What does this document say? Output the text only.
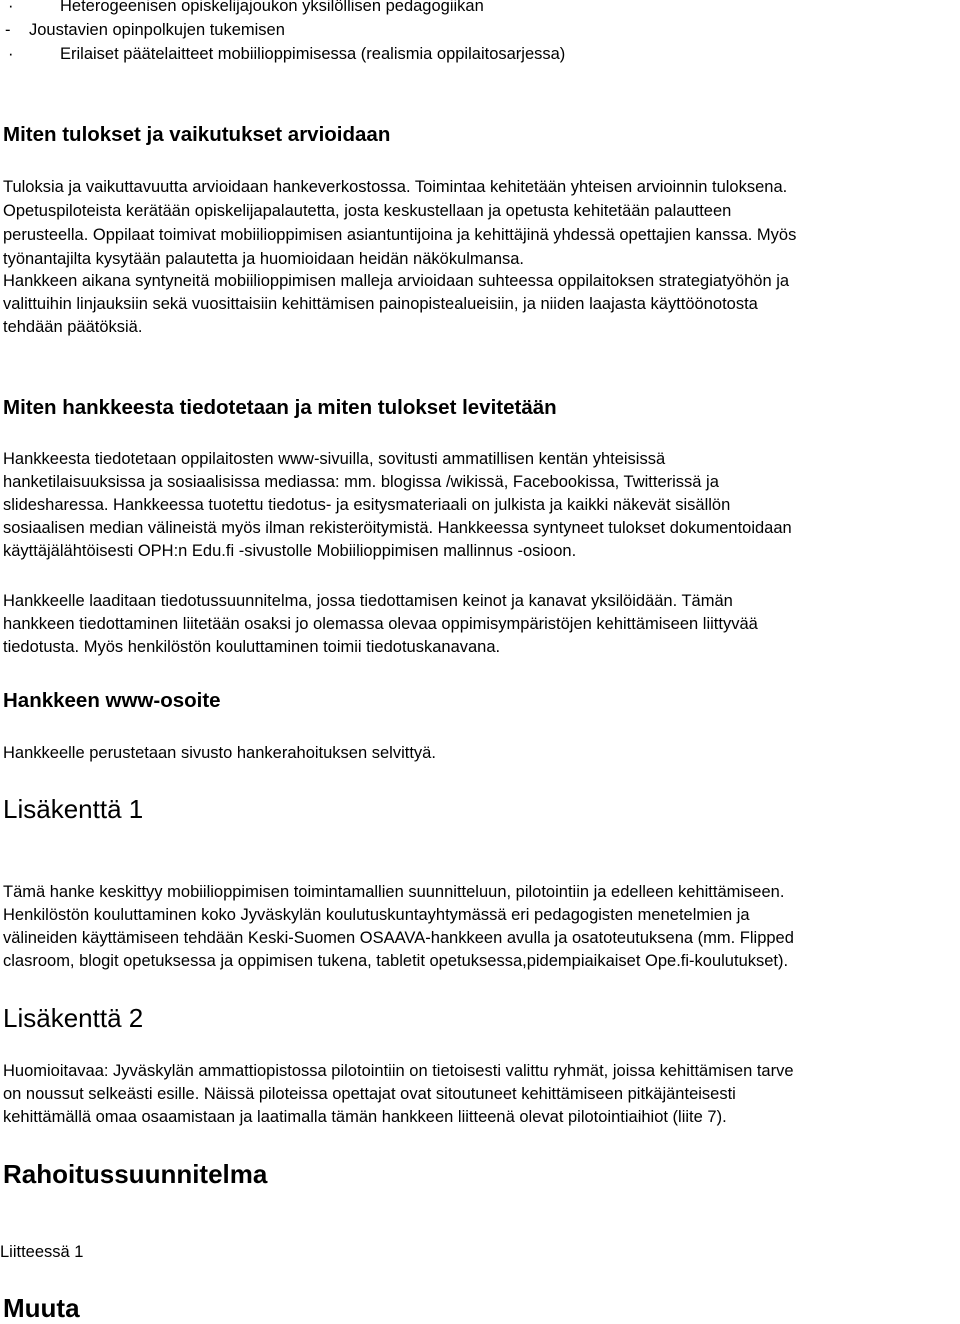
·	Heterogeenisen opiskelijajoukon yksilöllisen pedagogiikan
- Joustavien opinpolkujen tukemisen
·	Erilaiset päätelaitteet mobiilioppimisessa (realismia oppilaitosarjessa)
Miten tulokset ja vaikutukset arvioidaan
Tuloksia ja vaikuttavuutta arvioidaan hankeverkostossa. Toimintaa kehitetään yhteisen arvioinnin tuloksena.
Opetuspiloteista kerätään opiskelijapalautetta, josta keskustellaan ja opetusta kehitetään palautteen
perusteella. Oppilaat toimivat mobiilioppimisen asiantuntijoina ja kehittäjinä yhdessä opettajien kanssa. Myös
työnantajilta kysytään palautetta ja huomioidaan heidän näkökulmansa.
Hankkeen aikana syntyneitä mobiilioppimisen malleja arvioidaan suhteessa oppilaitoksen strategiatyöhön ja
valittuihin linjauksiin sekä vuosittaisiin kehittämisen painopistealueisiin, ja niiden laajasta käyttöönotosta
tehdään päätöksiä.
Miten hankkeesta tiedotetaan ja miten tulokset levitetään
Hankkeesta tiedotetaan oppilaitosten www-sivuilla, sovitusti ammatillisen kentän yhteisissä
hanketilaisuuksissa ja sosiaalisissa mediassa: mm. blogissa /wikissä, Facebookissa, Twitterissä ja
slidesharessa. Hankkeessa tuotettu tiedotus- ja esitysmateriaali on julkista ja kaikki näkevät sisällön
sosiaalisen median välineistä myös ilman rekisteröitymistä. Hankkeessa syntyneet tulokset dokumentoidaan
käyttäjälähtöisesti OPH:n Edu.fi -sivustolle Mobiilioppimisen mallinnus -osioon.
Hankkeelle laaditaan tiedotussuunnitelma, jossa tiedottamisen keinot ja kanavat yksilöidään. Tämän
hankkeen tiedottaminen liitetään osaksi jo olemassa olevaa oppimisympäristöjen kehittämiseen liittyvää
tiedotusta. Myös henkilöstön kouluttaminen toimii tiedotuskanavana.
Hankkeen www-osoite
Hankkeelle perustetaan sivusto hankerahoituksen selvittyä.
Lisäkenttä 1
Tämä hanke keskittyy mobiilioppimisen toimintamallien suunnitteluun, pilotointiin ja edelleen kehittämiseen.
Henkilöstön kouluttaminen koko Jyväskylän koulutuskuntayhtymässä eri pedagogisten menetelmien ja
välineiden käyttämiseen tehdään Keski-Suomen OSAAVA-hankkeen avulla ja osatoteutuksena (mm. Flipped
clasroom, blogit opetuksessa ja oppimisen tukena, tabletit opetuksessa,pidempiaikaiset Ope.fi-koulutukset).
Lisäkenttä 2
Huomioitavaa: Jyväskylän ammattiopistossa pilotointiin on tietoisesti valittu ryhmät, joissa kehittämisen tarve
on noussut selkeästi esille. Näissä piloteissa opettajat ovat sitoutuneet kehittämiseen pitkäjänteisesti
kehittämällä omaa osaamistaan ja laatimalla tämän hankkeen liitteenä olevat pilotointiaihiot (liite 7).
Rahoitussuunnitelma
Liitteessä 1
Muuta
